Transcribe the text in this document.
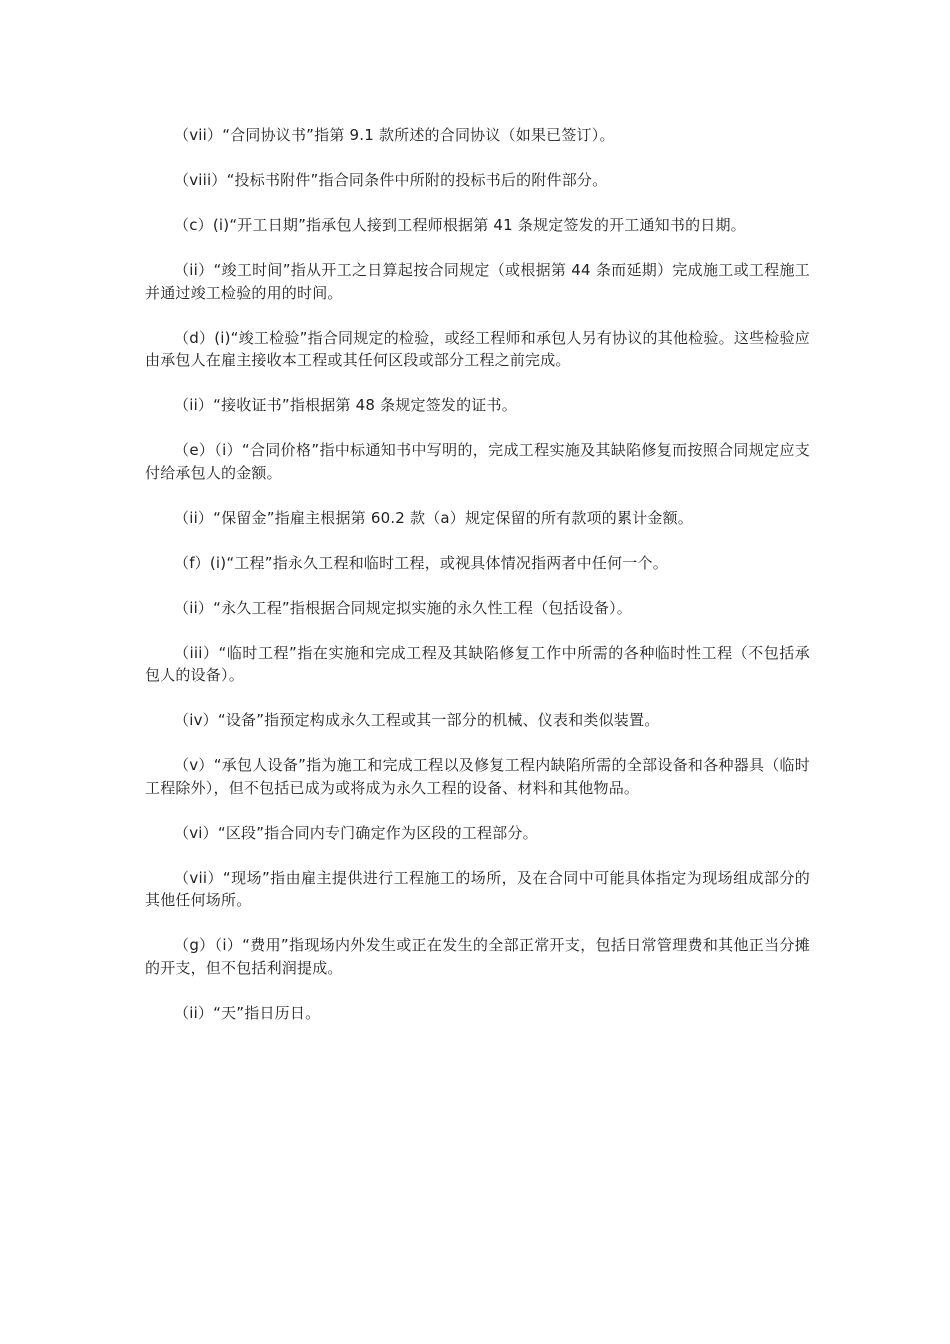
（vii）“合同协议书”指第 9.1 款所述的合同协议（如果已签订）。

（viii）“投标书附件”指合同条件中所附的投标书后的附件部分。

（c）(i)“开工日期”指承包人接到工程师根据第 41 条规定签发的开工通知书的日期。

（ii）“竣工时间”指从开工之日算起按合同规定（或根据第 44 条而延期）完成施工或工程施工并通过竣工检验的用的时间。

（d）(i)“竣工检验”指合同规定的检验，或经工程师和承包人另有协议的其他检验。这些检验应由承包人在雇主接收本工程或其任何区段或部分工程之前完成。

（ii）“接收证书”指根据第 48 条规定签发的证书。

（e）（i）“合同价格”指中标通知书中写明的，完成工程实施及其缺陷修复而按照合同规定应支付给承包人的金额。

（ii）“保留金”指雇主根据第 60.2 款（a）规定保留的所有款项的累计金额。

（f）(i)“工程”指永久工程和临时工程，或视具体情况指两者中任何一个。

（ii）“永久工程”指根据合同规定拟实施的永久性工程（包括设备）。

（iii）“临时工程”指在实施和完成工程及其缺陷修复工作中所需的各种临时性工程（不包括承包人的设备）。

（iv）“设备”指预定构成永久工程或其一部分的机械、仪表和类似装置。

（v）“承包人设备”指为施工和完成工程以及修复工程内缺陷所需的全部设备和各种器具（临时工程除外），但不包括已成为或将成为永久工程的设备、材料和其他物品。

（vi）“区段”指合同内专门确定作为区段的工程部分。

（vii）“现场”指由雇主提供进行工程施工的场所，及在合同中可能具体指定为现场组成部分的其他任何场所。

（g）（i）“费用”指现场内外发生或正在发生的全部正常开支，包括日常管理费和其他正当分摊的开支，但不包括利润提成。

（ii）“天”指日历日。
